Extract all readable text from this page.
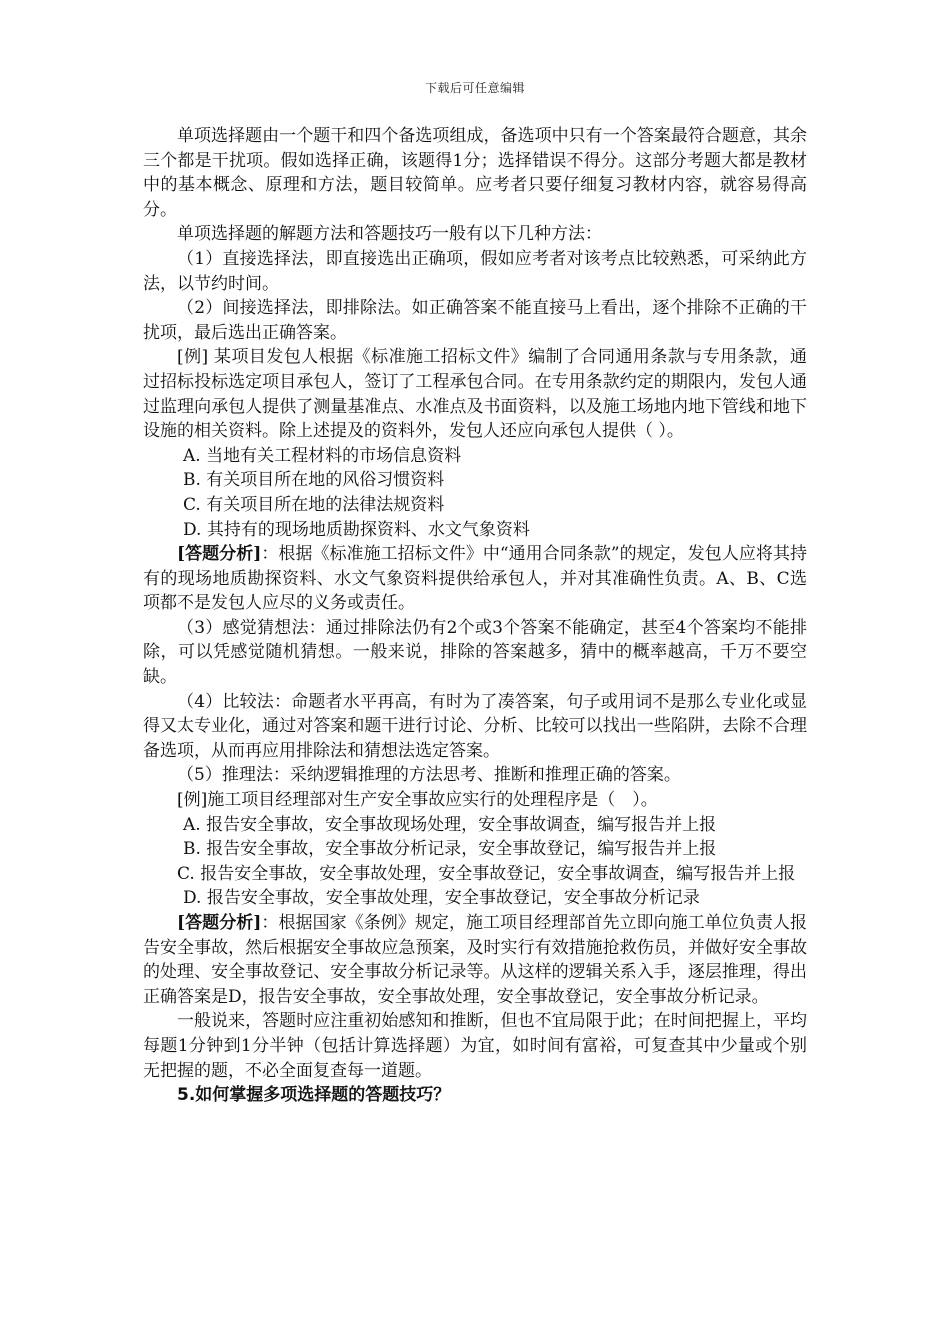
下载后可任意编辑

单项选择题由一个题干和四个备选项组成，备选项中只有一个答案最符合题意，其余三个都是干扰项。假如选择正确，该题得1分；选择错误不得分。这部分考题大都是教材中的基本概念、原理和方法，题目较简单。应考者只要仔细复习教材内容，就容易得高分。

单项选择题的解题方法和答题技巧一般有以下几种方法：

（1）直接选择法，即直接选出正确项，假如应考者对该考点比较熟悉，可采纳此方法，以节约时间。

（2）间接选择法，即排除法。如正确答案不能直接马上看出，逐个排除不正确的干扰项，最后选出正确答案。

[例] 某项目发包人根据《标准施工招标文件》编制了合同通用条款与专用条款，通过招标投标选定项目承包人，签订了工程承包合同。在专用条款约定的期限内，发包人通过监理向承包人提供了测量基准点、水准点及书面资料，以及施工场地内地下管线和地下设施的相关资料。除上述提及的资料外，发包人还应向承包人提供（ ）。

A. 当地有关工程材料的市场信息资料

B. 有关项目所在地的风俗习惯资料

C. 有关项目所在地的法律法规资料

D. 其持有的现场地质勘探资料、水文气象资料

[答题分析]：根据《标准施工招标文件》中“通用合同条款”的规定，发包人应将其持有的现场地质勘探资料、水文气象资料提供给承包人，并对其准确性负责。A、B、C选项都不是发包人应尽的义务或责任。

（3）感觉猜想法：通过排除法仍有2个或3个答案不能确定，甚至4个答案均不能排除，可以凭感觉随机猜想。一般来说，排除的答案越多，猜中的概率越高，千万不要空缺。

（4）比较法：命题者水平再高，有时为了凑答案，句子或用词不是那么专业化或显得又太专业化，通过对答案和题干进行讨论、分析、比较可以找出一些陷阱，去除不合理备选项，从而再应用排除法和猜想法选定答案。

（5）推理法：采纳逻辑推理的方法思考、推断和推理正确的答案。

[例]施工项目经理部对生产安全事故应实行的处理程序是（　）。

A. 报告安全事故，安全事故现场处理，安全事故调查，编写报告并上报

B. 报告安全事故，安全事故分析记录，安全事故登记，编写报告并上报

C. 报告安全事故，安全事故处理，安全事故登记，安全事故调查，编写报告并上报

D. 报告安全事故，安全事故处理，安全事故登记，安全事故分析记录

[答题分析]：根据国家《条例》规定，施工项目经理部首先立即向施工单位负责人报告安全事故，然后根据安全事故应急预案，及时实行有效措施抢救伤员，并做好安全事故的处理、安全事故登记、安全事故分析记录等。从这样的逻辑关系入手，逐层推理，得出正确答案是D，报告安全事故，安全事故处理，安全事故登记，安全事故分析记录。

一般说来，答题时应注重初始感知和推断，但也不宜局限于此；在时间把握上，平均每题1分钟到1分半钟（包括计算选择题）为宜，如时间有富裕，可复查其中少量或个别无把握的题，不必全面复查每一道题。

5.如何掌握多项选择题的答题技巧？
